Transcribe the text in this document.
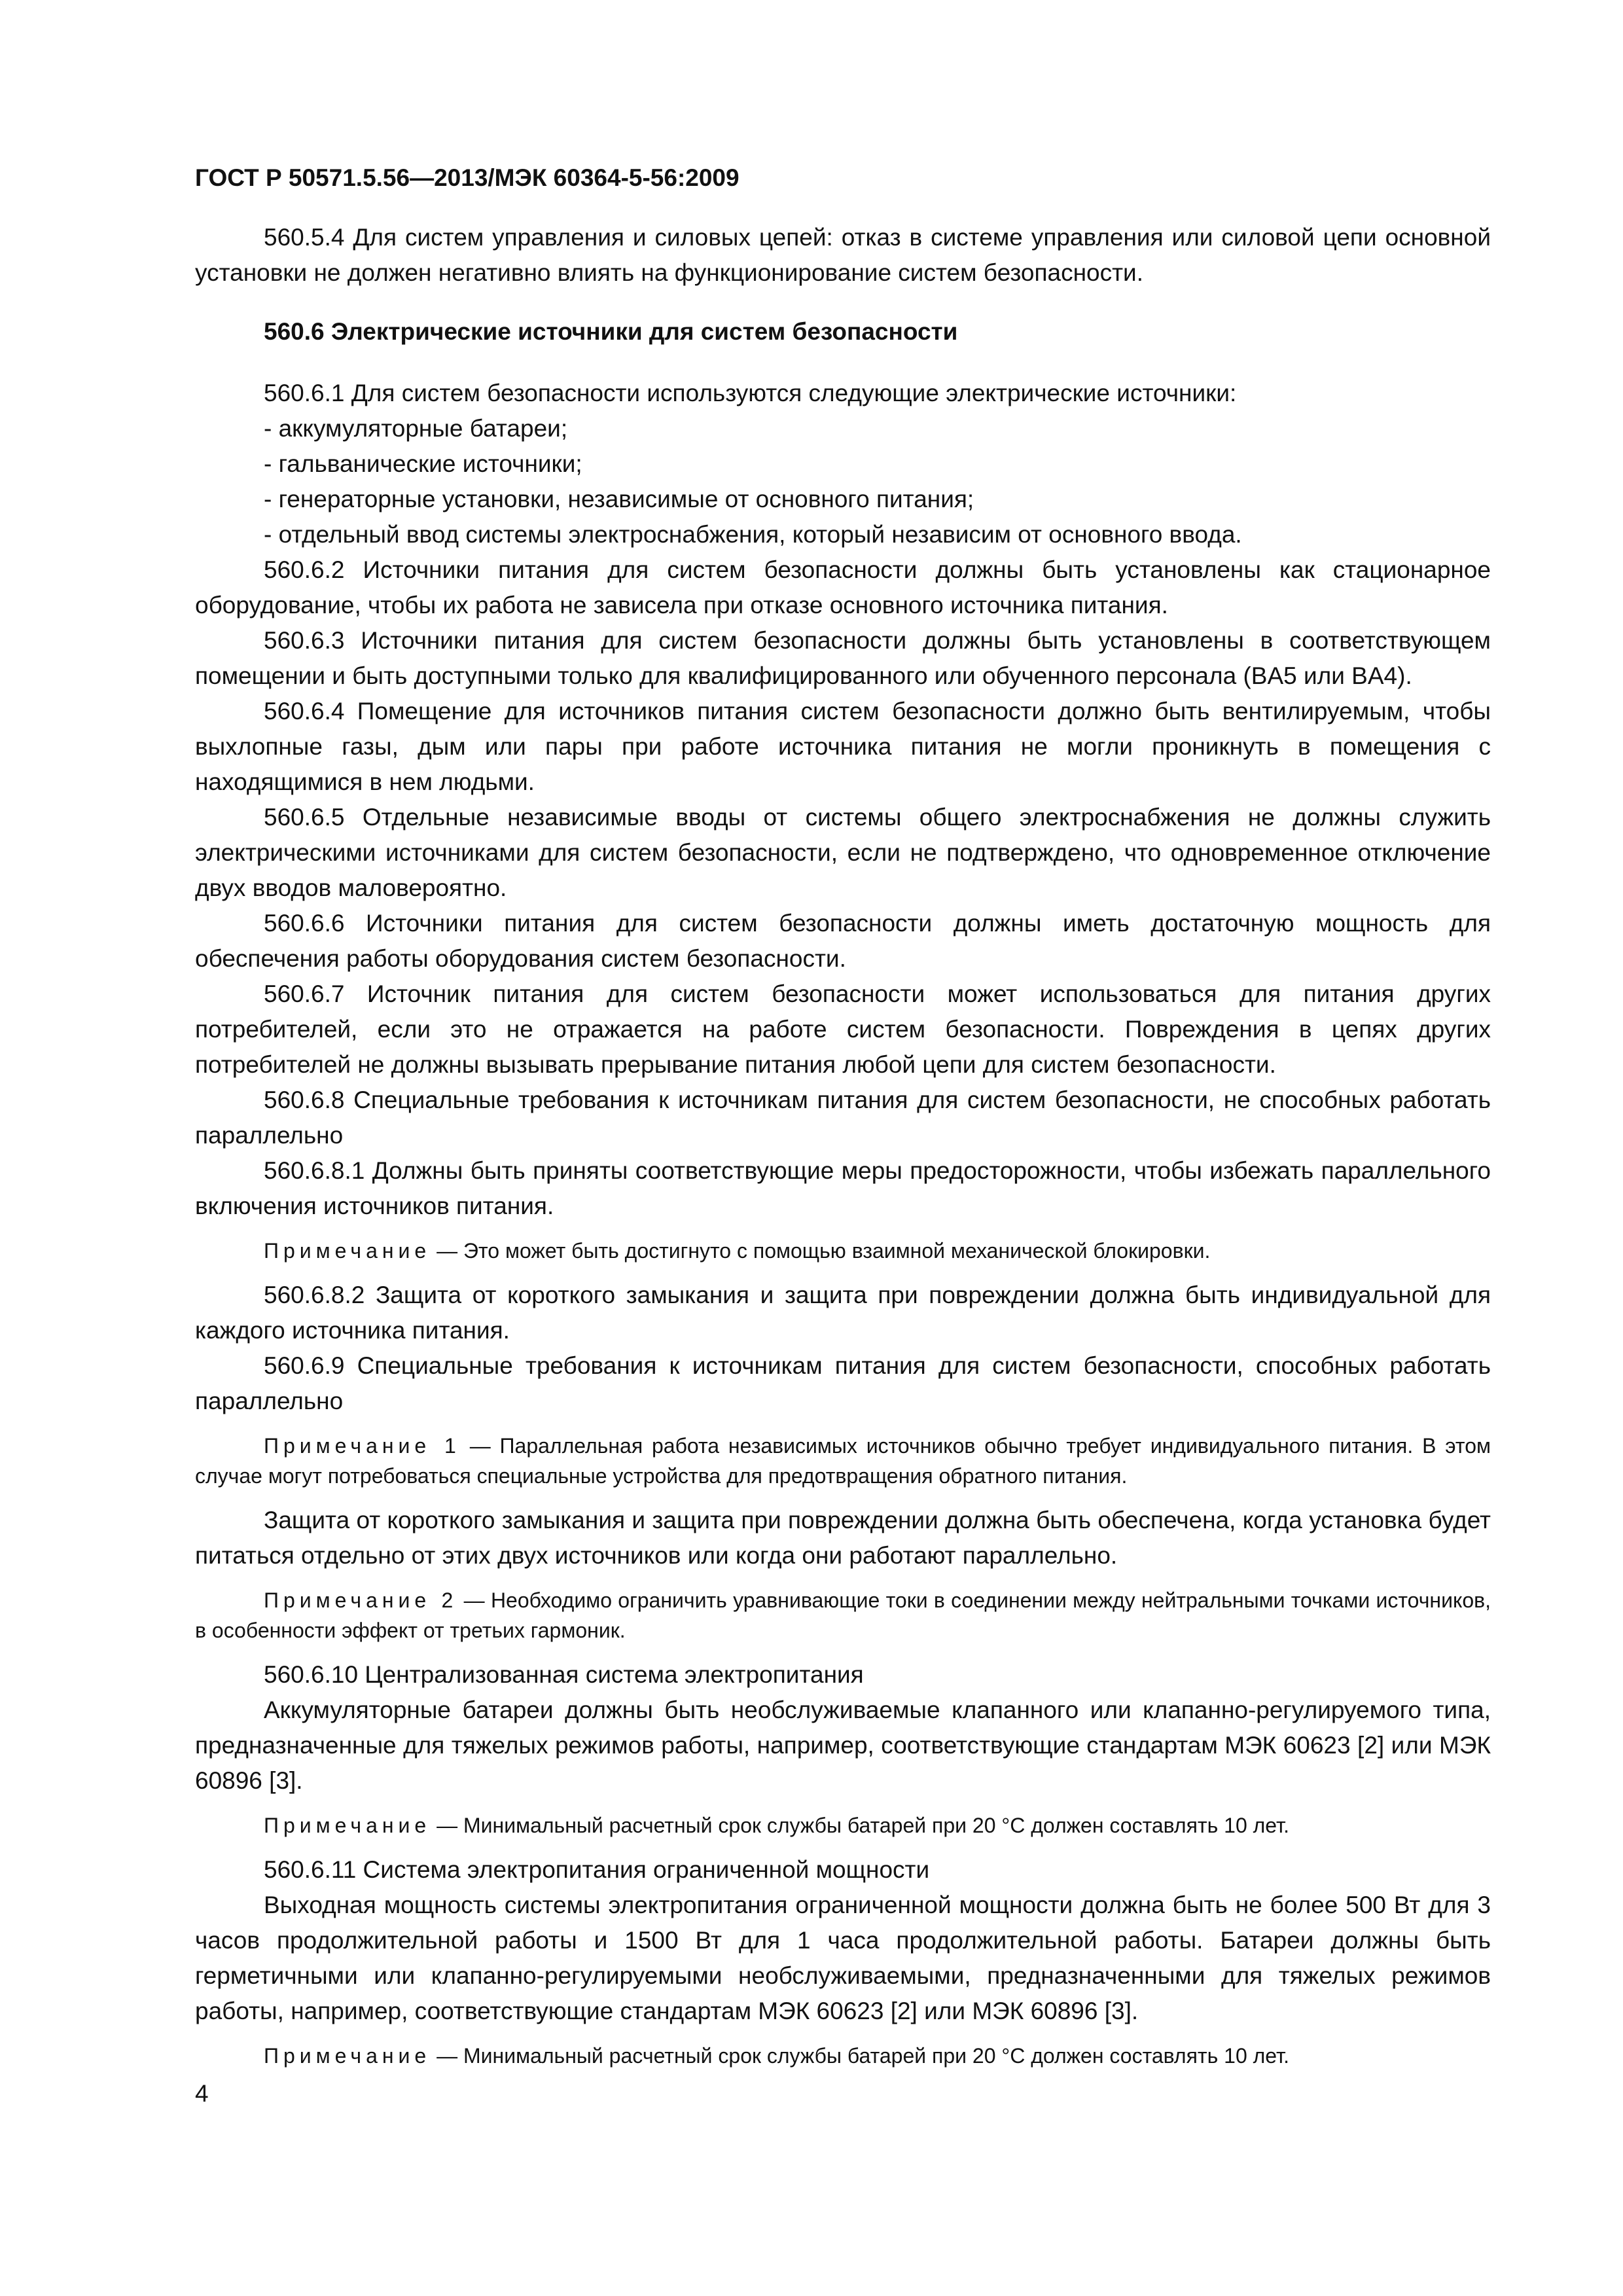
ГОСТ Р 50571.5.56—2013/МЭК 60364-5-56:2009

560.5.4 Для систем управления и силовых цепей: отказ в системе управления или силовой цепи основной установки не должен негативно влиять на функционирование систем безопасности.

560.6 Электрические источники для систем безопасности

560.6.1 Для систем безопасности используются следующие электрические источники:

- аккумуляторные батареи;

- гальванические источники;

- генераторные установки, независимые от основного питания;

- отдельный ввод системы электроснабжения, который независим от основного ввода.

560.6.2 Источники питания для систем безопасности должны быть установлены как стационарное оборудование, чтобы их работа не зависела при отказе основного источника питания.

560.6.3 Источники питания для систем безопасности должны быть установлены в соответствующем помещении и быть доступными только для квалифицированного или обученного персонала (BA5 или BA4).

560.6.4 Помещение для источников питания систем безопасности должно быть вентилируемым, чтобы выхлопные газы, дым или пары при работе источника питания не могли проникнуть в помещения с находящимися в нем людьми.

560.6.5 Отдельные независимые вводы от системы общего электроснабжения не должны служить электрическими источниками для систем безопасности, если не подтверждено, что одновременное отключение двух вводов маловероятно.

560.6.6 Источники питания для систем безопасности должны иметь достаточную мощность для обеспечения работы оборудования систем безопасности.

560.6.7 Источник питания для систем безопасности может использоваться для питания других потребителей, если это не отражается на работе систем безопасности. Повреждения в цепях других потребителей не должны вызывать прерывание питания любой цепи для систем безопасности.

560.6.8 Специальные требования к источникам питания для систем безопасности, не способных работать параллельно

560.6.8.1 Должны быть приняты соответствующие меры предосторожности, чтобы избежать параллельного включения источников питания.

Примечание — Это может быть достигнуто с помощью взаимной механической блокировки.

560.6.8.2 Защита от короткого замыкания и защита при повреждении должна быть индивидуальной для каждого источника питания.

560.6.9 Специальные требования к источникам питания для систем безопасности, способных работать параллельно

Примечание 1 — Параллельная работа независимых источников обычно требует индивидуального питания. В этом случае могут потребоваться специальные устройства для предотвращения обратного питания.

Защита от короткого замыкания и защита при повреждении должна быть обеспечена, когда установка будет питаться отдельно от этих двух источников или когда они работают параллельно.

Примечание 2 — Необходимо ограничить уравнивающие токи в соединении между нейтральными точками источников, в особенности эффект от третьих гармоник.

560.6.10 Централизованная система электропитания

Аккумуляторные батареи должны быть необслуживаемые клапанного или клапанно-регулируемого типа, предназначенные для тяжелых режимов работы, например, соответствующие стандартам МЭК 60623 [2] или МЭК 60896 [3].

Примечание — Минимальный расчетный срок службы батарей при 20 °С должен составлять 10 лет.

560.6.11 Система электропитания ограниченной мощности

Выходная мощность системы электропитания ограниченной мощности должна быть не более 500 Вт для 3 часов продолжительной работы и 1500 Вт для 1 часа продолжительной работы. Батареи должны быть герметичными или клапанно-регулируемыми необслуживаемыми, предназначенными для тяжелых режимов работы, например, соответствующие стандартам МЭК 60623 [2] или МЭК 60896 [3].

Примечание — Минимальный расчетный срок службы батарей при 20 °С должен составлять 10 лет.

4
